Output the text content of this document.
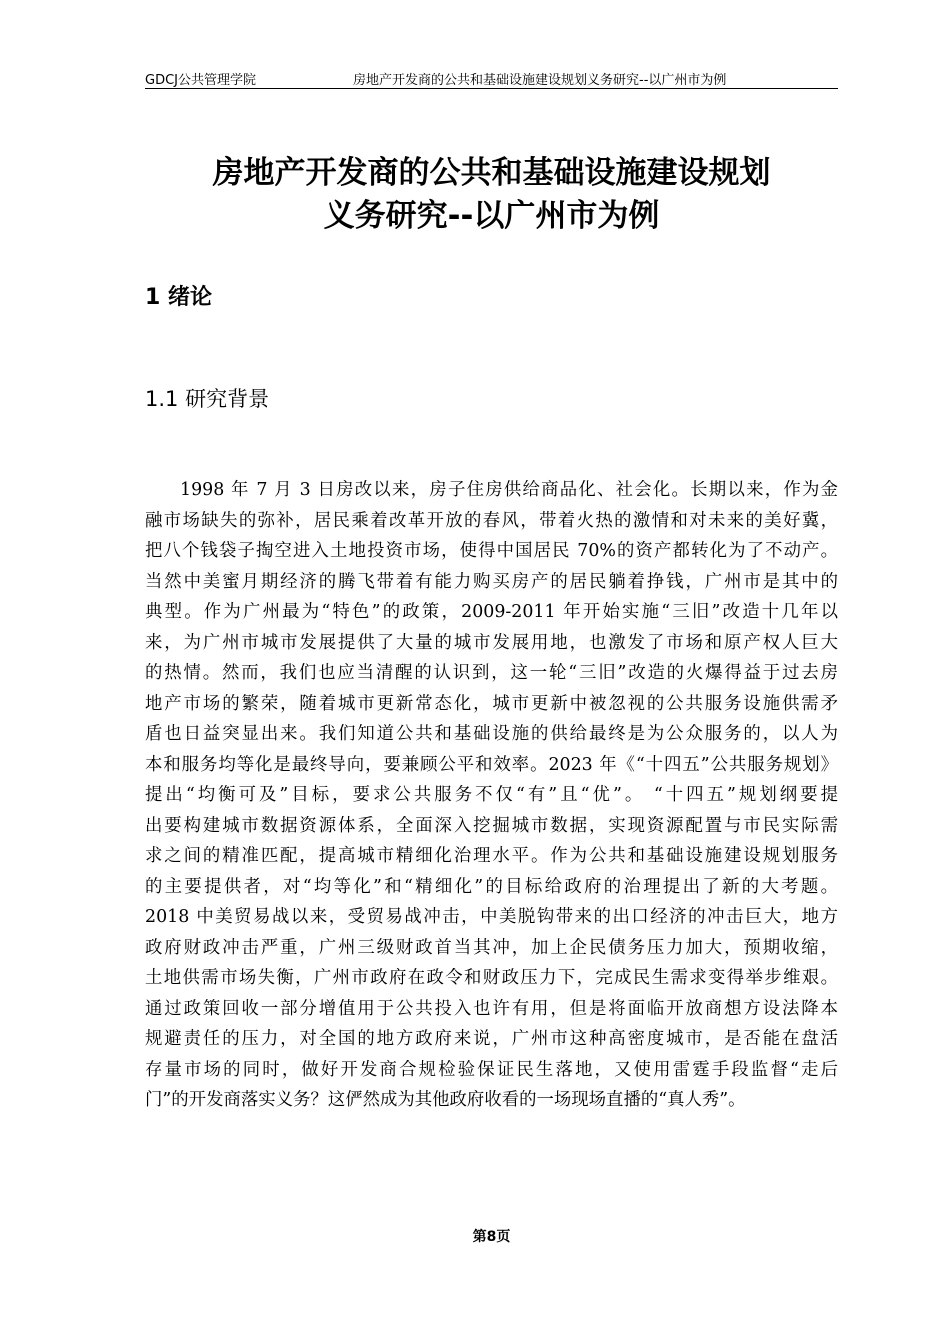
GDCJ公共管理学院	房地产开发商的公共和基础设施建设规划义务研究--以广州市为例
房地产开发商的公共和基础设施建设规划
义务研究--以广州市为例
1 绪论
1.1 研究背景
1998 年 7 月 3 日房改以来，房子住房供给商品化、社会化。长期以来，作为金
融市场缺失的弥补，居民乘着改革开放的春风，带着火热的激情和对未来的美好冀，
把八个钱袋子掏空进入土地投资市场，使得中国居民 70%的资产都转化为了不动产。
当然中美蜜月期经济的腾飞带着有能力购买房产的居民躺着挣钱，广州市是其中的
典型。作为广州最为“特色”的政策，2009-2011 年开始实施“三旧”改造十几年以
来，为广州市城市发展提供了大量的城市发展用地，也激发了市场和原产权人巨大
的热情。然而，我们也应当清醒的认识到，这一轮“三旧”改造的火爆得益于过去房
地产市场的繁荣，随着城市更新常态化，城市更新中被忽视的公共服务设施供需矛
盾也日益突显出来。我们知道公共和基础设施的供给最终是为公众服务的，以人为
本和服务均等化是最终导向，要兼顾公平和效率。2023 年《“十四五”公共服务规划》
提出“均衡可及”目标，要求公共服务不仅“有”且“优”。 “十四五”规划纲要提
出要构建城市数据资源体系，全面深入挖掘城市数据，实现资源配置与市民实际需
求之间的精准匹配，提高城市精细化治理水平。作为公共和基础设施建设规划服务
的主要提供者，对“均等化”和“精细化”的目标给政府的治理提出了新的大考题。
2018 中美贸易战以来，受贸易战冲击，中美脱钩带来的出口经济的冲击巨大，地方
政府财政冲击严重，广州三级财政首当其冲，加上企民债务压力加大，预期收缩，
土地供需市场失衡，广州市政府在政令和财政压力下，完成民生需求变得举步维艰。
通过政策回收一部分增值用于公共投入也许有用，但是将面临开放商想方设法降本
规避责任的压力，对全国的地方政府来说，广州市这种高密度城市，是否能在盘活
存量市场的同时，做好开发商合规检验保证民生落地，又使用雷霆手段监督“走后
门”的开发商落实义务？这俨然成为其他政府收看的一场现场直播的“真人秀”。
第8页
